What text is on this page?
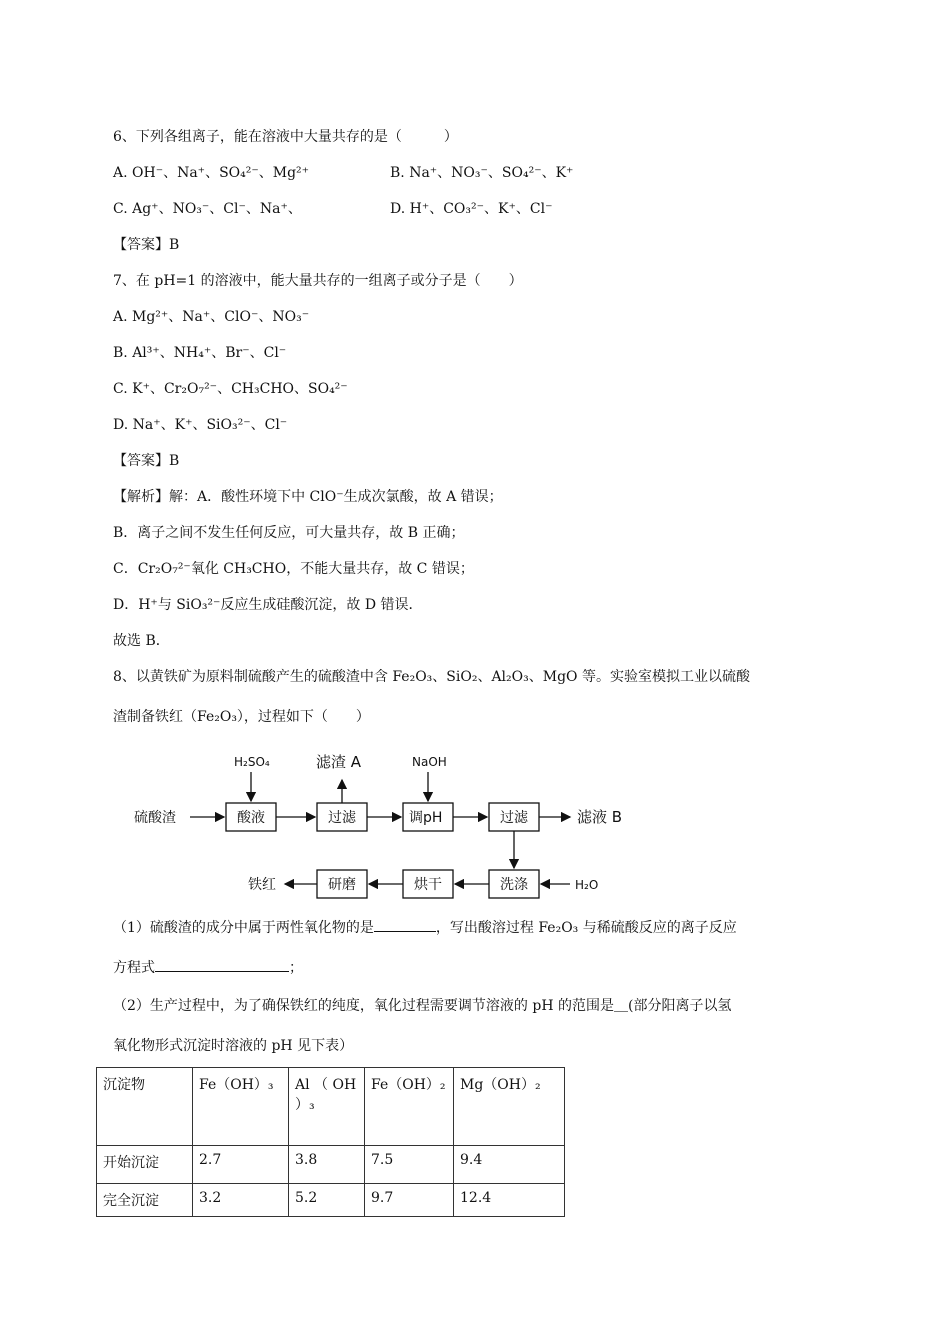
6、下列各组离子，能在溶液中大量共存的是（　　　）
A. OH⁻、Na⁺、SO₄²⁻、Mg²⁺	B. Na⁺、NO₃⁻、SO₄²⁻、K⁺
C. Ag⁺、NO₃⁻、Cl⁻、Na⁺、	D. H⁺、CO₃²⁻、K⁺、Cl⁻
【答案】B
7、在 pH=1 的溶液中，能大量共存的一组离子或分子是（　　）
A. Mg²⁺、Na⁺、ClO⁻、NO₃⁻
B. Al³⁺、NH₄⁺、Br⁻、Cl⁻
C. K⁺、Cr₂O₇²⁻、CH₃CHO、SO₄²⁻
D. Na⁺、K⁺、SiO₃²⁻、Cl⁻
【答案】B
【解析】解：A．酸性环境下中 ClO⁻生成次氯酸，故 A 错误；
B．离子之间不发生任何反应，可大量共存，故 B 正确；
C．Cr₂O₇²⁻氧化 CH₃CHO，不能大量共存，故 C 错误；
D．H⁺与 SiO₃²⁻反应生成硅酸沉淀，故 D 错误．
故选 B．
8、以黄铁矿为原料制硫酸产生的硫酸渣中含 Fe₂O₃、SiO₂、Al₂O₃、MgO 等。实验室模拟工业以硫酸
渣制备铁红（Fe₂O₃），过程如下（　　）
硫酸渣
H₂SO₄
酸液
滤渣 A
过滤
NaOH
调pH	过滤	滤液 B
洗涤	H₂O
烘干
研磨
铁红
（1）硫酸渣的成分中属于两性氧化物的是	，写出酸溶过程 Fe₂O₃ 与稀硫酸反应的离子反应
方程式	；
（2）生产过程中，为了确保铁红的纯度，氧化过程需要调节溶液的 pH 的范围是＿(部分阳离子以氢
氧化物形式沉淀时溶液的 pH 见下表）
沉淀物	Fe（OH）₃	Al （ OH ）₃	Fe（OH）₂	Mg（OH）₂
开始沉淀	2.7	3.8	7.5	9.4
完全沉淀	3.2	5.2	9.7	12.4
